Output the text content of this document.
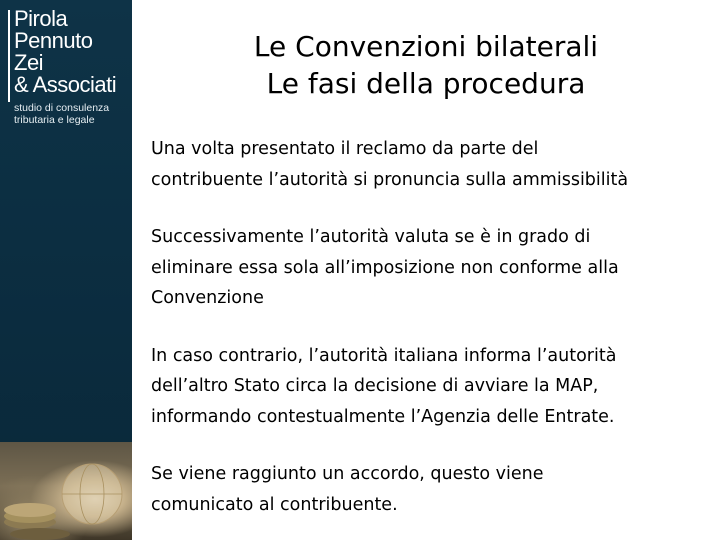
Pirola
Pennuto
Zei
& Associati
studio di consulenza
tributaria e legale
Le Convenzioni bilaterali
Le fasi della procedura
Una volta presentato il reclamo da parte del
contribuente l’autorità si pronuncia sulla ammissibilità
Successivamente l’autorità valuta se è in grado di
eliminare essa sola all’imposizione non conforme alla
Convenzione
In caso contrario, l’autorità italiana informa l’autorità
dell’altro Stato circa la decisione di avviare la MAP,
informando contestualmente l’Agenzia delle Entrate.
Se viene raggiunto un accordo, questo viene
comunicato al contribuente.
